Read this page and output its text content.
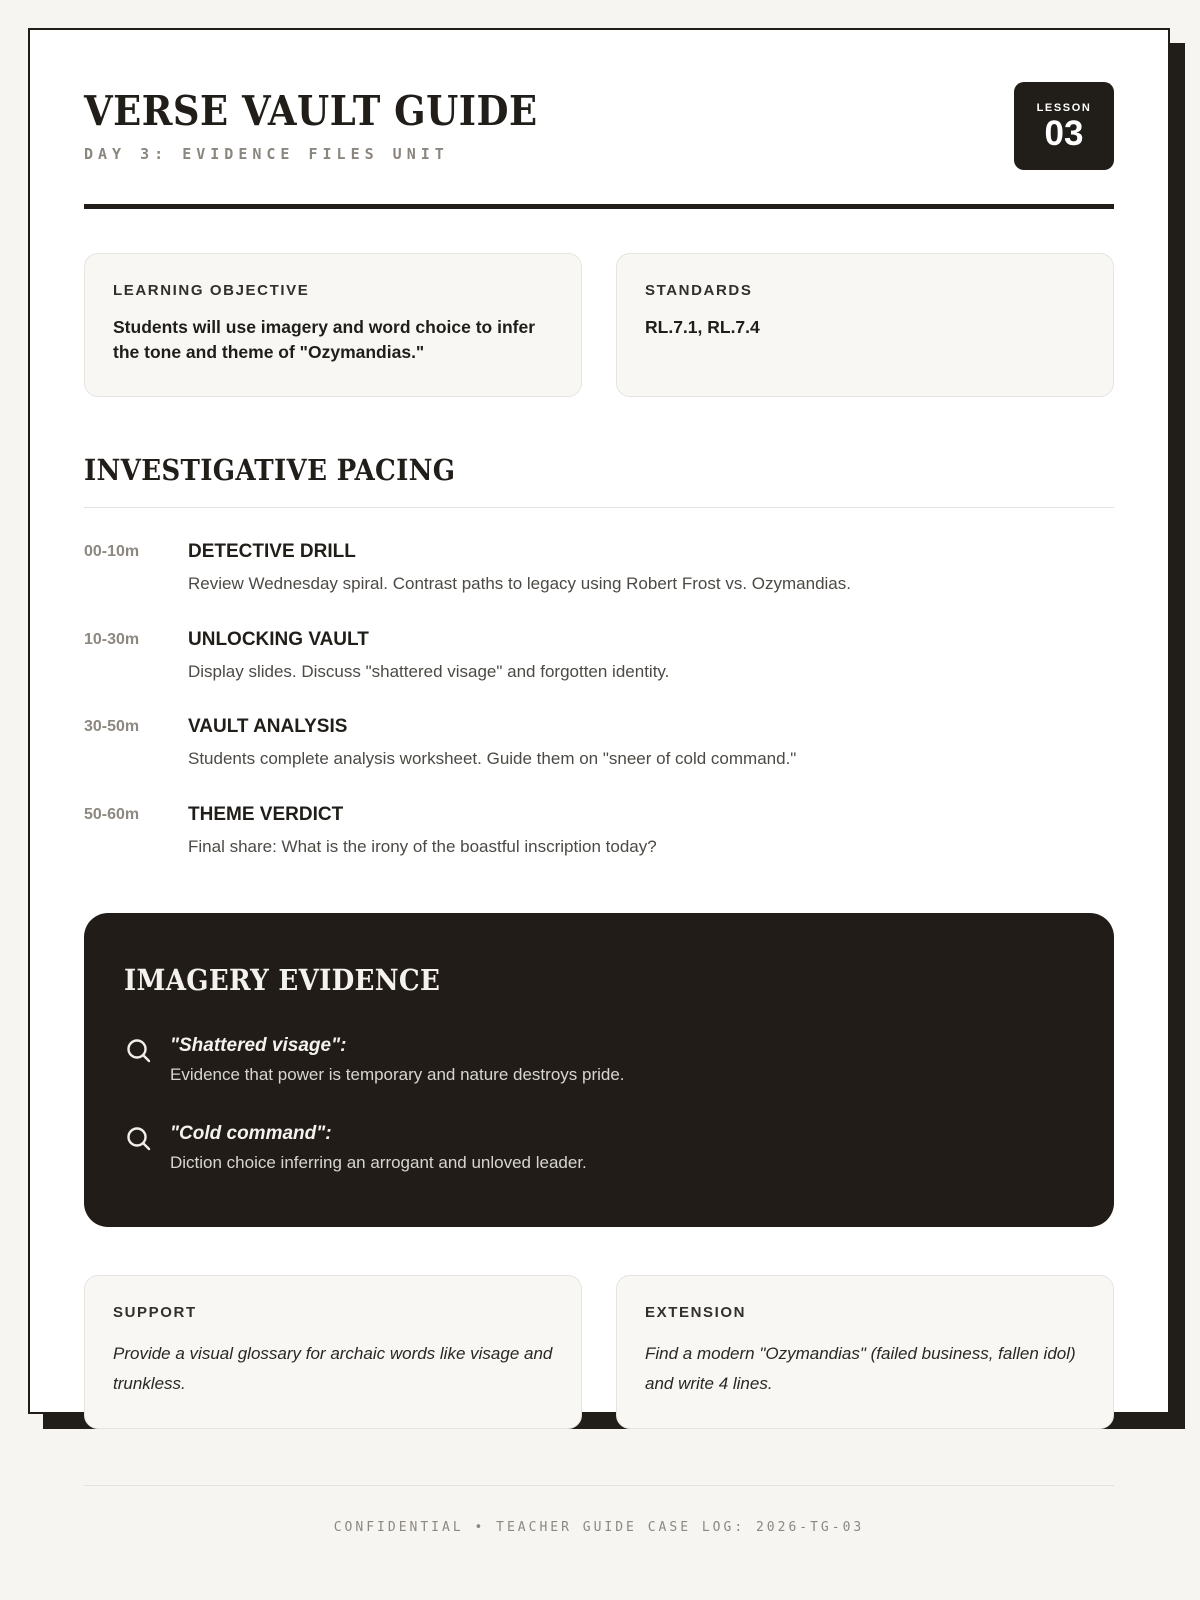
VERSE VAULT GUIDE
DAY 3: EVIDENCE FILES UNIT
LESSON
03
LEARNING OBJECTIVE
Students will use imagery and word choice to infer the tone and theme of "Ozymandias."
STANDARDS
RL.7.1, RL.7.4
INVESTIGATIVE PACING
00-10m	DETECTIVE DRILL
Review Wednesday spiral. Contrast paths to legacy using Robert Frost vs. Ozymandias.
10-30m	UNLOCKING VAULT
Display slides. Discuss "shattered visage" and forgotten identity.
30-50m	VAULT ANALYSIS
Students complete analysis worksheet. Guide them on "sneer of cold command."
50-60m	THEME VERDICT
Final share: What is the irony of the boastful inscription today?
IMAGERY EVIDENCE
"Shattered visage":
Evidence that power is temporary and nature destroys pride.
"Cold command":
Diction choice inferring an arrogant and unloved leader.
SUPPORT
Provide a visual glossary for archaic words like visage and trunkless.
EXTENSION
Find a modern "Ozymandias" (failed business, fallen idol) and write 4 lines.
CONFIDENTIAL • TEACHER GUIDE CASE LOG: 2026-TG-03
